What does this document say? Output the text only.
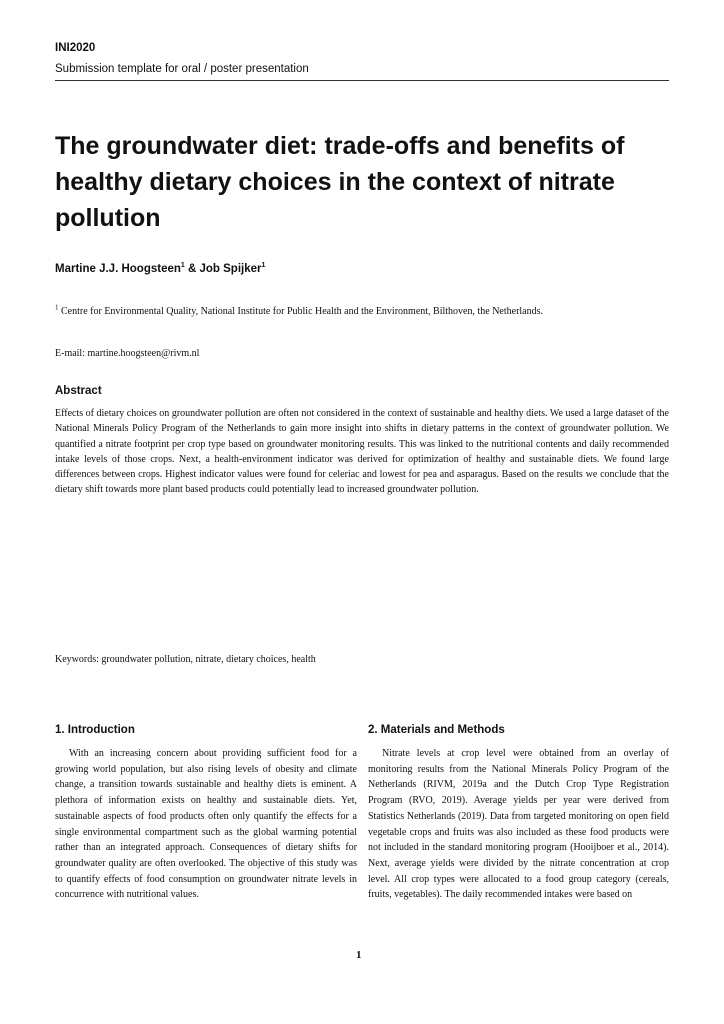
INI2020
Submission template for oral / poster presentation
The groundwater diet: trade-offs and benefits of healthy dietary choices in the context of nitrate pollution
Martine J.J. Hoogsteen$^1$ & Job Spijker$^1$
$^1$ Centre for Environmental Quality, National Institute for Public Health and the Environment, Bilthoven, the Netherlands.
E-mail: martine.hoogsteen@rivm.nl
Abstract
Effects of dietary choices on groundwater pollution are often not considered in the context of sustainable and healthy diets. We used a large dataset of the National Minerals Policy Program of the Netherlands to gain more insight into shifts in dietary patterns in the context of groundwater pollution. We quantified a nitrate footprint per crop type based on groundwater monitoring results. This was linked to the nutritional contents and daily recommended intake levels of those crops. Next, a health-environment indicator was derived for optimization of healthy and sustainable diets. We found large differences between crops. Highest indicator values were found for celeriac and lowest for pea and asparagus. Based on the results we conclude that the dietary shift towards more plant based products could potentially lead to increased groundwater pollution.
Keywords: groundwater pollution, nitrate, dietary choices, health
1. Introduction
With an increasing concern about providing sufficient food for a growing world population, but also rising levels of obesity and climate change, a transition towards sustainable and healthy diets is eminent. A plethora of information exists on healthy and sustainable diets. Yet, sustainable aspects of food products often only quantify the effects for a single environmental compartment such as the global warming potential rather than an integrated approach. Consequences of dietary shifts for groundwater quality are often overlooked. The objective of this study was to quantify effects of food consumption on groundwater nitrate levels in concurrence with nutritional values.
2. Materials and Methods
Nitrate levels at crop level were obtained from an overlay of monitoring results from the National Minerals Policy Program of the Netherlands (RIVM, 2019a and the Dutch Crop Type Registration Program (RVO, 2019). Average yields per year were derived from Statistics Netherlands (2019). Data from targeted monitoring on open field vegetable crops and fruits was also included as these food products were not included in the standard monitoring program (Hooijboer et al., 2014). Next, average yields were divided by the nitrate concentration at crop level. All crop types were allocated to a food group category (cereals, fruits, vegetables). The daily recommended intakes were based on
1
